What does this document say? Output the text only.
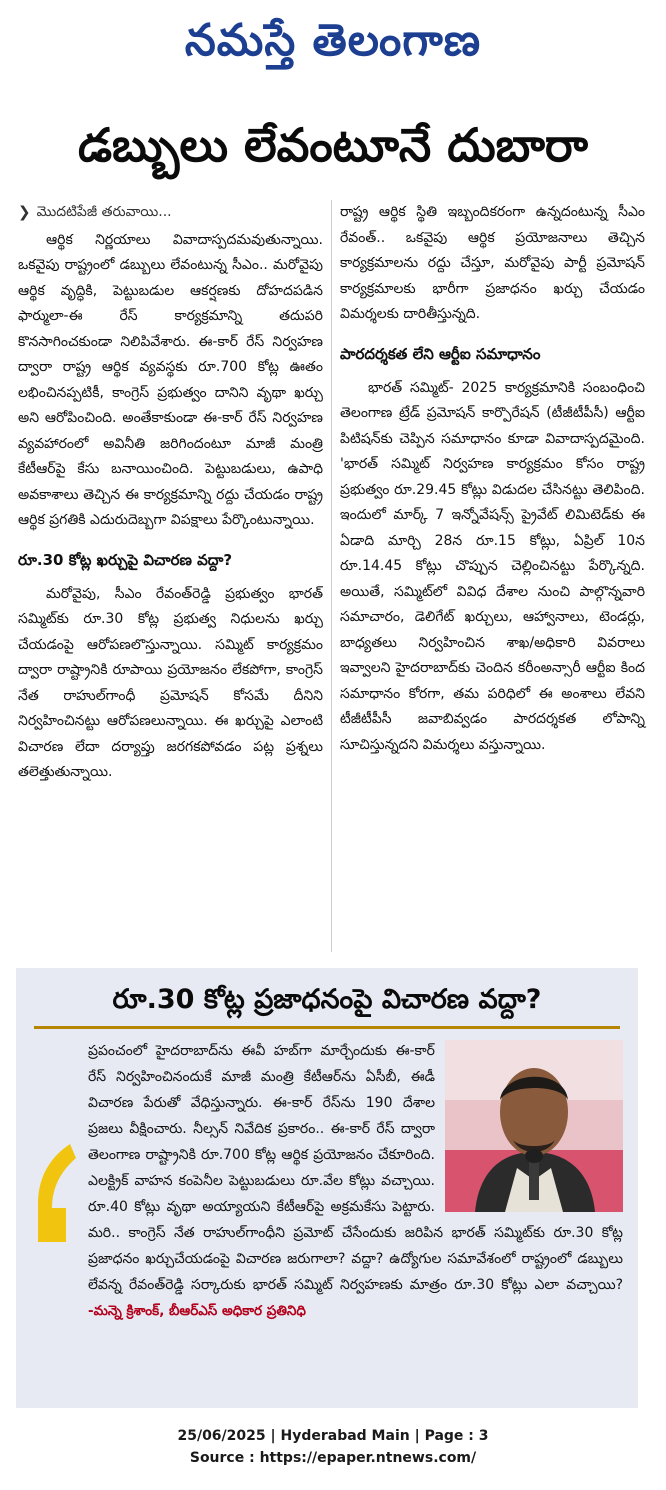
నమస్తే తెలంగాణ
డబ్బులు లేవంటూనే దుబారా
❯ మొదటిపేజీ తరువాయి...

ఆర్థిక నిర్ణయాలు వివాదాస్పదమవుతున్నాయి. ఒకవైపు రాష్ట్రంలో డబ్బులు లేవంటున్న సీఎం.. మరోవైపు ఆర్థిక వృద్ధికి, పెట్టుబడుల ఆకర్షణకు దోహదపడిన ఫార్ములా-ఈ రేస్ కార్యక్రమాన్ని తదుపరి కొనసాగించకుండా నిలిపివేశారు. ఈ-కార్ రేస్ నిర్వహణ ద్వారా రాష్ట్ర ఆర్థిక వ్యవస్థకు రూ.700 కోట్ల ఊతం లభించినప్పటికీ, కాంగ్రెస్ ప్రభుత్వం దానిని వృథా ఖర్చు అని ఆరోపించింది. అంతేకాకుండా ఈ-కార్ రేస్ నిర్వహణ వ్యవహారంలో అవినీతి జరిగిందంటూ మాజీ మంత్రి కేటీఆర్‌పై కేసు బనాయించింది. పెట్టుబడులు, ఉపాధి అవకాశాలు తెచ్చిన ఈ కార్యక్రమాన్ని రద్దు చేయడం రాష్ట్ర ఆర్థిక ప్రగతికి ఎదురుదెబ్బగా విపక్షాలు పేర్కొంటున్నాయి.

రూ.30 కోట్ల ఖర్చుపై విచారణ వద్దా?

మరోవైపు, సీఎం రేవంత్‌రెడ్డి ప్రభుత్వం భారత్ సమ్మిట్‌కు రూ.30 కోట్ల ప్రభుత్వ నిధులను ఖర్చు చేయడంపై ఆరోపణలొస్తున్నాయి. సమ్మిట్ కార్యక్రమం ద్వారా రాష్ట్రానికి రూపాయి ప్రయోజనం లేకపోగా, కాంగ్రెస్ నేత రాహుల్‌గాంధీ ప్రమోషన్ కోసమే దీనిని నిర్వహించినట్టు ఆరోపణలున్నాయి. ఈ ఖర్చుపై ఎలాంటి విచారణ లేదా దర్యాప్తు జరగకపోవడం పట్ల ప్రశ్నలు తలెత్తుతున్నాయి.

రాష్ట్ర ఆర్థిక స్థితి ఇబ్బందికరంగా ఉన్నదంటున్న సీఎం రేవంత్.. ఒకవైపు ఆర్థిక ప్రయోజనాలు తెచ్చిన కార్యక్రమాలను రద్దు చేస్తూ, మరోవైపు పార్టీ ప్రమోషన్ కార్యక్రమాలకు భారీగా ప్రజాధనం ఖర్చు చేయడం విమర్శలకు దారితీస్తున్నది.

పారదర్శకత లేని ఆర్టీఐ సమాధానం

భారత్ సమ్మిట్- 2025 కార్యక్రమానికి సంబంధించి తెలంగాణ ట్రేడ్ ప్రమోషన్ కార్పొరేషన్ (టీజీటీపీసీ) ఆర్టీఐ పిటిషన్‌కు చెప్పిన సమాధానం కూడా వివాదాస్పదమైంది. 'భారత్ సమ్మిట్ నిర్వహణ కార్యక్రమం కోసం రాష్ట్ర ప్రభుత్వం రూ.29.45 కోట్లు విడుదల చేసినట్టు తెలిపింది. ఇందులో మార్క్ 7 ఇన్నోవేషన్స్ ప్రైవేట్ లిమిటెడ్‌కు ఈ ఏడాది మార్చి 28న రూ.15 కోట్లు, ఏప్రిల్ 10న రూ.14.45 కోట్లు చొప్పున చెల్లించినట్టు పేర్కొన్నది. అయితే, సమ్మిట్‌లో వివిధ దేశాల నుంచి పాల్గొన్నవారి సమాచారం, డెలిగేట్ ఖర్చులు, ఆహ్వానాలు, టెండర్లు, బాధ్యతలు నిర్వహించిన శాఖ/అధికారి వివరాలు ఇవ్వాలని హైదరాబాద్‌కు చెందిన కరీంఅన్సారీ ఆర్టీఐ కింద సమాధానం కోరగా, తమ పరిధిలో ఈ అంశాలు లేవని టీజీటీపీసీ జవాబివ్వడం పారదర్శకత లోపాన్ని సూచిస్తున్నదని విమర్శలు వస్తున్నాయి.

రూ.30 కోట్ల ప్రజాధనంపై విచారణ వద్దా?
ప్రపంచంలో హైదరాబాద్‌ను ఈవీ హబ్‌గా మార్చేందుకు ఈ-కార్ రేస్ నిర్వహించినందుకే మాజీ మంత్రి కేటీఆర్‌ను ఏసీబీ, ఈడీ విచారణ పేరుతో వేధిస్తున్నారు. ఈ-కార్ రేస్‌ను 190 దేశాల ప్రజలు వీక్షించారు. నీల్సన్ నివేదిక ప్రకారం.. ఈ-కార్ రేస్ ద్వారా తెలంగాణ రాష్ట్రానికి రూ.700 కోట్ల ఆర్థిక ప్రయోజనం చేకూరింది. ఎలక్ట్రిక్ వాహన కంపెనీల పెట్టుబడులు రూ.వేల కోట్లు వచ్చాయి. రూ.40 కోట్లు వృథా అయ్యాయని కేటీఆర్‌పై అక్రమకేసు పెట్టారు. మరి.. కాంగ్రెస్ నేత రాహుల్‌గాంధీని ప్రమోట్ చేసేందుకు జరిపిన భారత్ సమ్మిట్‌కు రూ.30 కోట్ల ప్రజాధనం ఖర్చుచేయడంపై విచారణ జరుగాలా? వద్దా? ఉద్యోగుల సమావేశంలో రాష్ట్రంలో డబ్బులు లేవన్న రేవంత్‌రెడ్డి సర్కారుకు భారత్ సమ్మిట్ నిర్వహణకు మాత్రం రూ.30 కోట్లు ఎలా వచ్చాయి? -మన్నె క్రిశాంక్, బీఆర్‌ఎస్ అధికార ప్రతినిధి
25/06/2025 | Hyderabad Main | Page : 3
Source : https://epaper.ntnews.com/
